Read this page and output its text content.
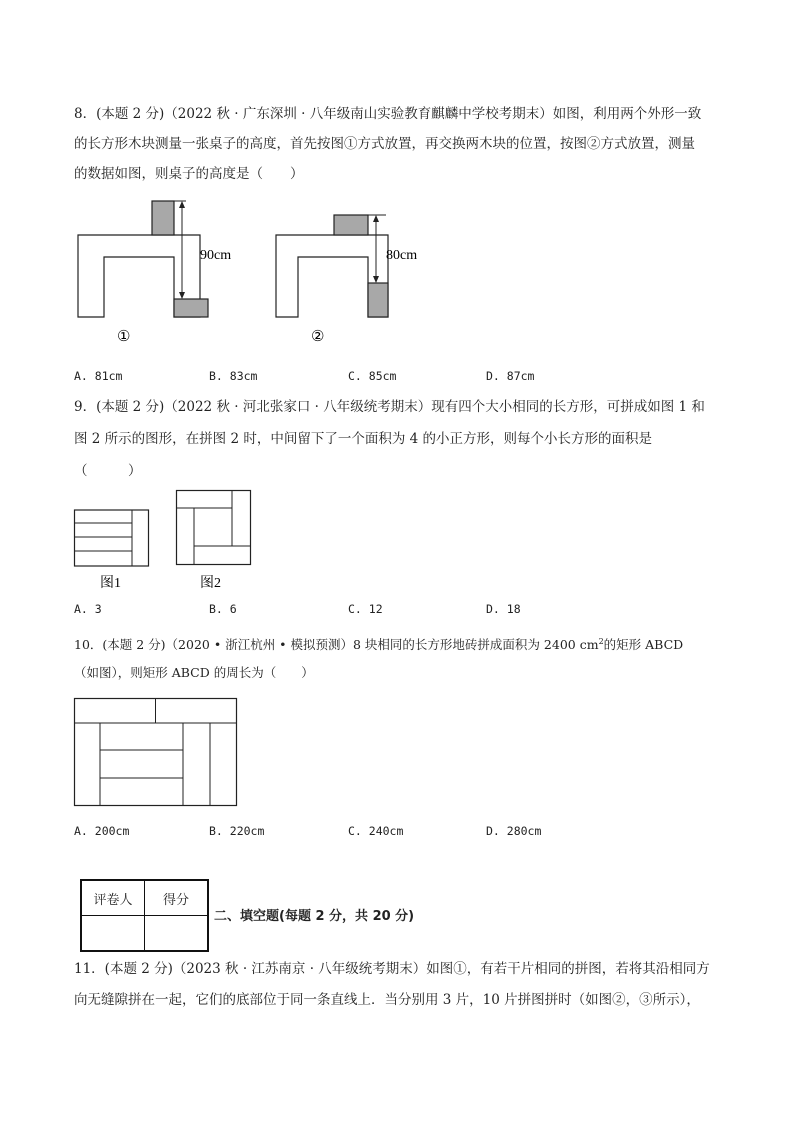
8．(本题 2 分)（2022 秋 · 广东深圳 · 八年级南山实验教育麒麟中学校考期末）如图，利用两个外形一致
的长方形木块测量一张桌子的高度，首先按图①方式放置，再交换两木块的位置，按图②方式放置，测量
的数据如图，则桌子的高度是（　　）
90cm
①
80cm
②
A. 81cm	B. 83cm	C. 85cm	D. 87cm
9．(本题 2 分)（2022 秋 · 河北张家口 · 八年级统考期末）现有四个大小相同的长方形，可拼成如图 1 和
图 2 所示的图形，在拼图 2 时，中间留下了一个面积为 4 的小正方形，则每个小长方形的面积是
（　　　）
图1	图2
A. 3	B. 6	C. 12	D. 18
10．(本题 2 分)（2020 • 浙江杭州 • 模拟预测）8 块相同的长方形地砖拼成面积为 2400 $cm^2$的矩形 ABCD
（如图），则矩形 ABCD 的周长为（　　）
A. 200cm	B. 220cm	C. 240cm	D. 280cm
评卷人	得分

二、填空题(每题 2 分，共 20 分)
11．(本题 2 分)（2023 秋 · 江苏南京 · 八年级统考期末）如图①，有若干片相同的拼图，若将其沿相同方
向无缝隙拼在一起，它们的底部位于同一条直线上．当分别用 3 片，10 片拼图拼时（如图②，③所示），
